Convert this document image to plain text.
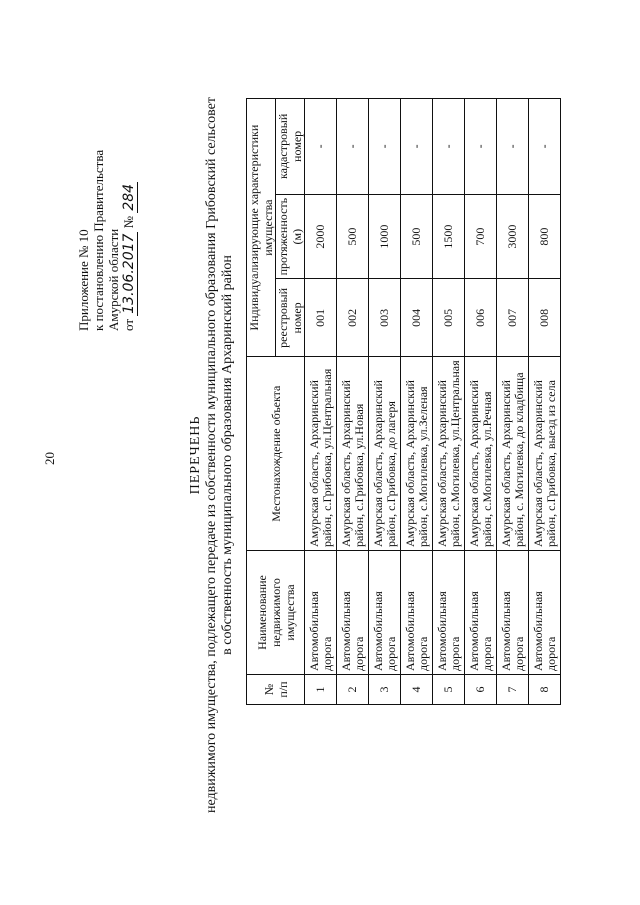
20
Приложение № 10 к постановлению Правительства Амурской области от 13.06.2017 № 284
ПЕРЕЧЕНЬ недвижимого имущества, подлежащего передаче из собственности муниципального образования Грибовский сельсовет в собственность муниципального образования Архаринский район
№ п/п	Наименование недвижимого имущества	Местонахождение объекта	Индивидуализирующие характеристики имущества		
			реестровый номер	протяженность (м)	кадастровый номер
1	Автомобильная дорога	Амурская область, Архаринский район, с.Грибовка, ул.Центральная	001	2000	-
2	Автомобильная дорога	Амурская область, Архаринский район, с.Грибовка, ул.Новая	002	500	-
3	Автомобильная дорога	Амурская область, Архаринский район, с.Грибовка, до лагеря	003	1000	-
4	Автомобильная дорога	Амурская область, Архаринский район, с.Могилевка, ул.Зеленая	004	500	-
5	Автомобильная дорога	Амурская область, Архаринский район, с.Могилевка, ул.Центральная	005	1500	-
6	Автомобильная дорога	Амурская область, Архаринский район, с.Могилевка, ул.Речная	006	700	-
7	Автомобильная дорога	Амурская область, Архаринский район, с. Могилевка, до кладбища	007	3000	-
8	Автомобильная дорога	Амурская область, Архаринский район, с.Грибовка, выезд из села	008	800	-
